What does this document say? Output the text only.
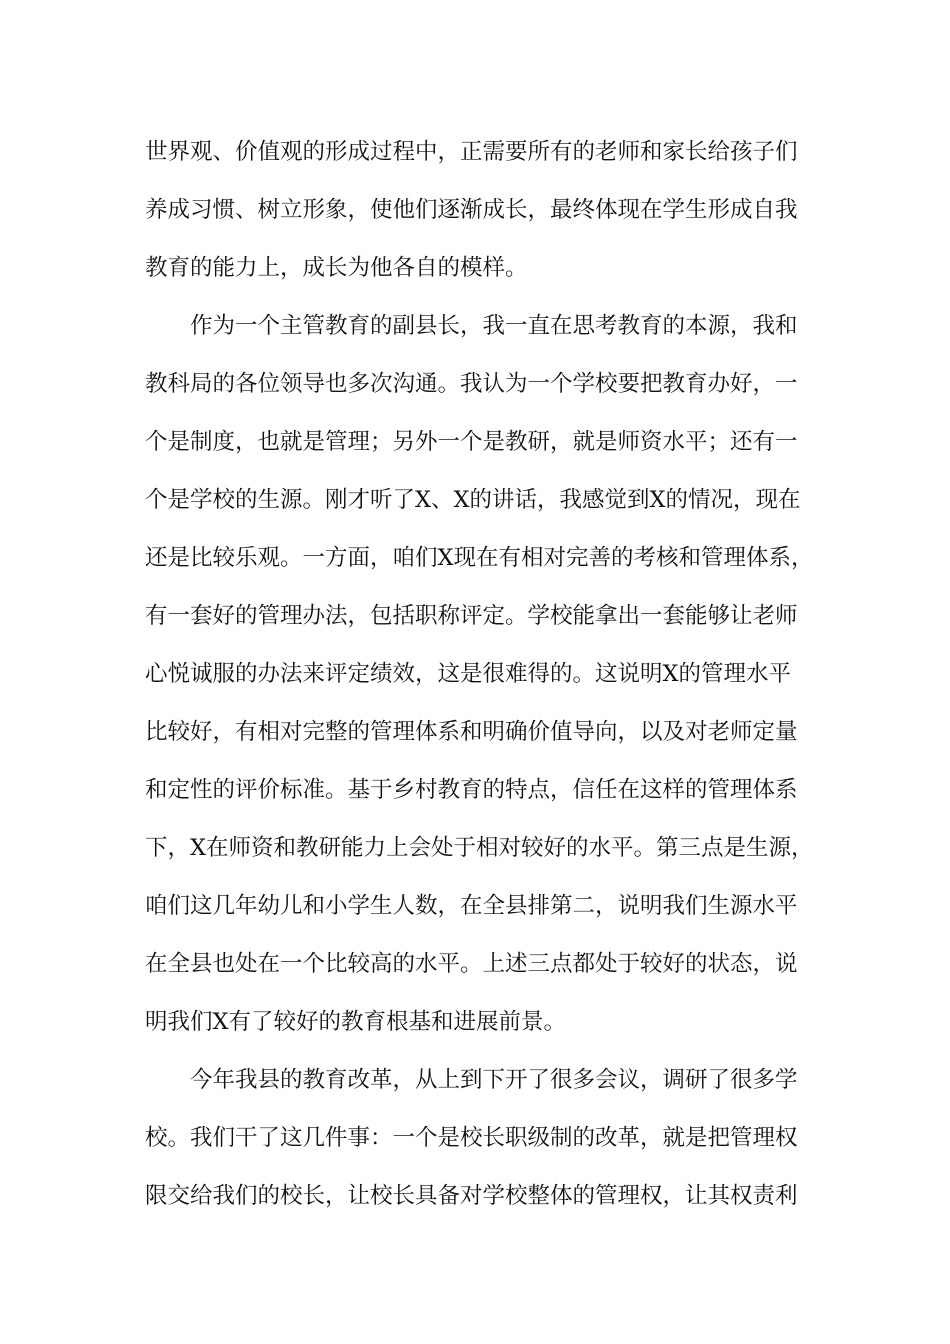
世界观、价值观的形成过程中，正需要所有的老师和家长给孩子们
养成习惯、树立形象，使他们逐渐成长，最终体现在学生形成自我
教育的能力上，成长为他各自的模样。
作为一个主管教育的副县长，我一直在思考教育的本源，我和
教科局的各位领导也多次沟通。我认为一个学校要把教育办好，一
个是制度，也就是管理；另外一个是教研，就是师资水平；还有一
个是学校的生源。刚才听了X、X的讲话，我感觉到X的情况，现在
还是比较乐观。一方面，咱们X现在有相对完善的考核和管理体系，
有一套好的管理办法，包括职称评定。学校能拿出一套能够让老师
心悦诚服的办法来评定绩效，这是很难得的。这说明X的管理水平
比较好，有相对完整的管理体系和明确价值导向，以及对老师定量
和定性的评价标准。基于乡村教育的特点，信任在这样的管理体系
下，X在师资和教研能力上会处于相对较好的水平。第三点是生源，
咱们这几年幼儿和小学生人数，在全县排第二，说明我们生源水平
在全县也处在一个比较高的水平。上述三点都处于较好的状态，说
明我们X有了较好的教育根基和进展前景。
今年我县的教育改革，从上到下开了很多会议，调研了很多学
校。我们干了这几件事：一个是校长职级制的改革，就是把管理权
限交给我们的校长，让校长具备对学校整体的管理权，让其权责利
